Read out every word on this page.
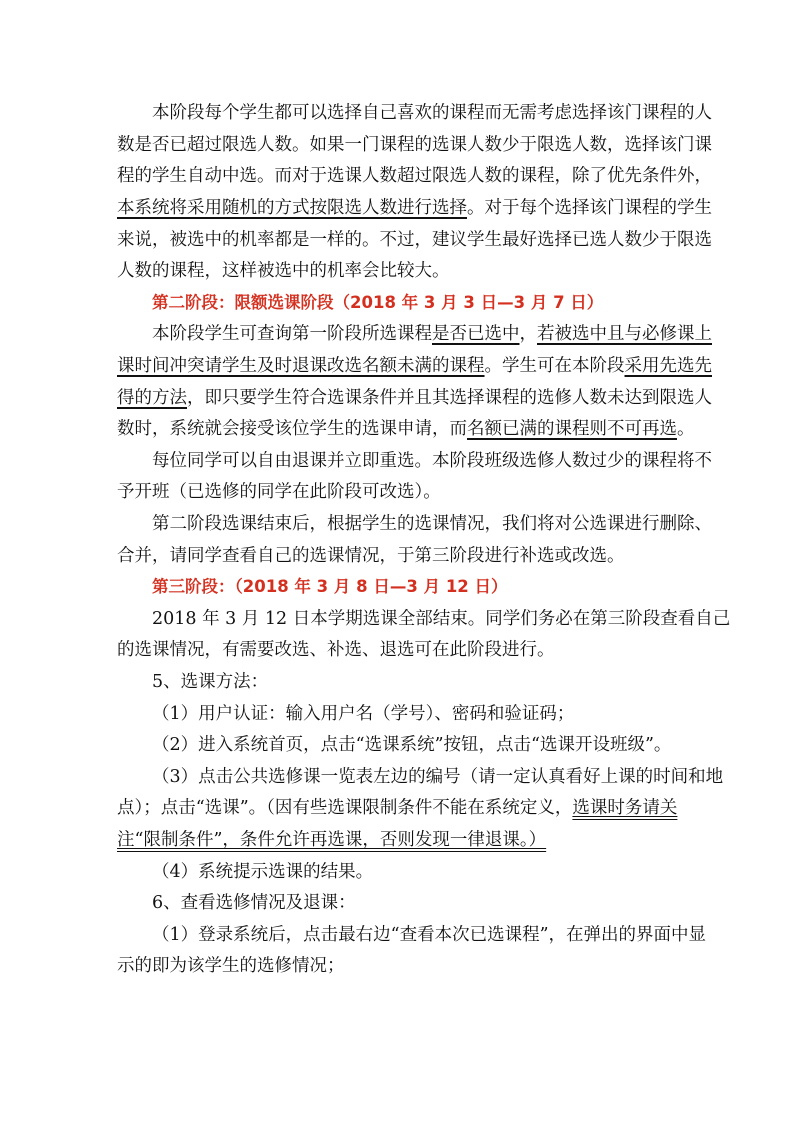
本阶段每个学生都可以选择自己喜欢的课程而无需考虑选择该门课程的人
数是否已超过限选人数。如果一门课程的选课人数少于限选人数，选择该门课
程的学生自动中选。而对于选课人数超过限选人数的课程，除了优先条件外，
本系统将采用随机的方式按限选人数进行选择。对于每个选择该门课程的学生
来说，被选中的机率都是一样的。不过，建议学生最好选择已选人数少于限选
人数的课程，这样被选中的机率会比较大。
第二阶段：限额选课阶段（2018 年 3 月 3 日—3 月 7 日）
本阶段学生可查询第一阶段所选课程是否已选中，若被选中且与必修课上
课时间冲突请学生及时退课改选名额未满的课程。学生可在本阶段采用先选先
得的方法，即只要学生符合选课条件并且其选择课程的选修人数未达到限选人
数时，系统就会接受该位学生的选课申请，而名额已满的课程则不可再选。
每位同学可以自由退课并立即重选。本阶段班级选修人数过少的课程将不
予开班（已选修的同学在此阶段可改选）。
第二阶段选课结束后，根据学生的选课情况，我们将对公选课进行删除、
合并，请同学查看自己的选课情况，于第三阶段进行补选或改选。
第三阶段：（2018 年 3 月 8 日—3 月 12 日）
2018 年 3 月 12 日本学期选课全部结束。同学们务必在第三阶段查看自己
的选课情况，有需要改选、补选、退选可在此阶段进行。
5、选课方法：
（1）用户认证：输入用户名（学号）、密码和验证码；
（2）进入系统首页，点击“选课系统”按钮，点击“选课开设班级”。
（3）点击公共选修课一览表左边的编号（请一定认真看好上课的时间和地
点）；点击“选课”。（因有些选课限制条件不能在系统定义，选课时务请关
注“限制条件”，条件允许再选课，否则发现一律退课。）
（4）系统提示选课的结果。
6、查看选修情况及退课：
（1）登录系统后，点击最右边“查看本次已选课程”，在弹出的界面中显
示的即为该学生的选修情况；
